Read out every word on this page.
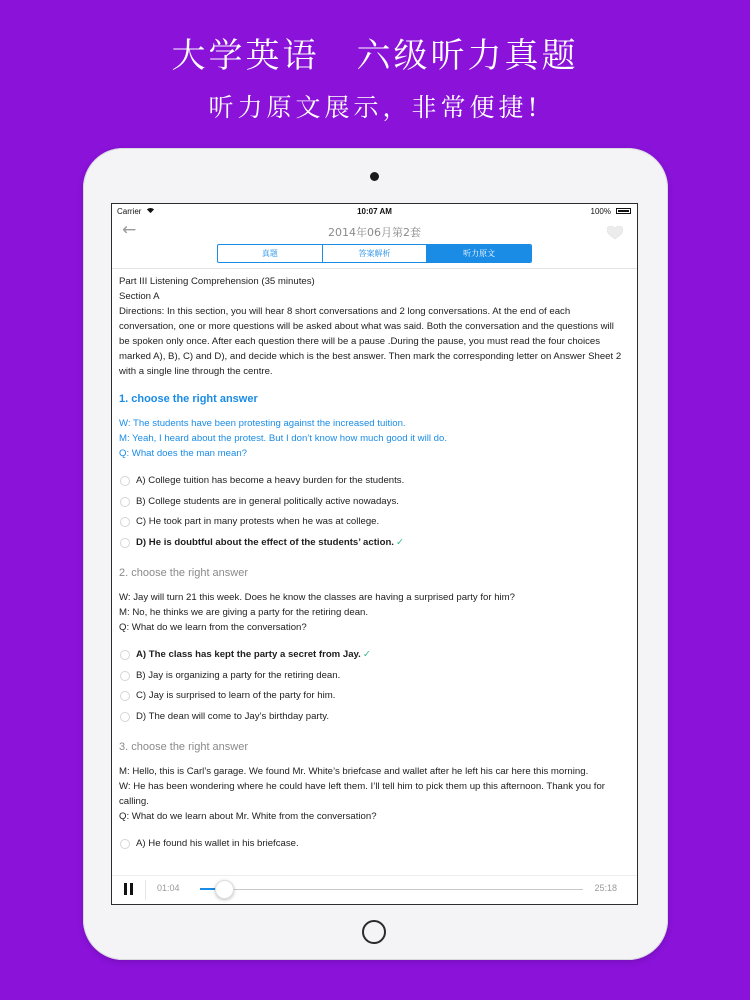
大学英语　六级听力真题
听力原文展示，非常便捷!
Carrier	10:07 AM	100%
←	2014年06月第2套
真题	答案解析	听力原文

Part III Listening Comprehension (35 minutes)

Section A

Directions: In this section, you will hear 8 short conversations and 2 long conversations. At the end of each conversation, one or more questions will be asked about what was said. Both the conversation and the questions will be spoken only once. After each question there will be a pause .During the pause, you must read the four choices marked A), B), C) and D), and decide which is the best answer. Then mark the corresponding letter on Answer Sheet 2 with a single line through the centre.

1. choose the right answer

W: The students have been protesting against the increased tuition.

M: Yeah, I heard about the protest. But I don’t know how much good it will do.

Q: What does the man mean?

A) College tuition has become a heavy burden for the students.
B) College students are in general politically active nowadays.
C) He took part in many protests when he was at college.
D) He is doubtful about the effect of the students’ action. ✓
2. choose the right answer

W: Jay will turn 21 this week. Does he know the classes are having a surprised party for him?

M: No, he thinks we are giving a party for the retiring dean.

Q: What do we learn from the conversation?

A) The class has kept the party a secret from Jay. ✓
B) Jay is organizing a party for the retiring dean.
C) Jay is surprised to learn of the party for him.
D) The dean will come to Jay’s birthday party.
3. choose the right answer

M: Hello, this is Carl’s garage. We found Mr. White’s briefcase and wallet after he left his car here this morning.

W: He has been wondering where he could have left them. I’ll tell him to pick them up this afternoon. Thank you for calling.

Q: What do we learn about Mr. White from the conversation?

A) He found his wallet in his briefcase.
01:04	25:18
